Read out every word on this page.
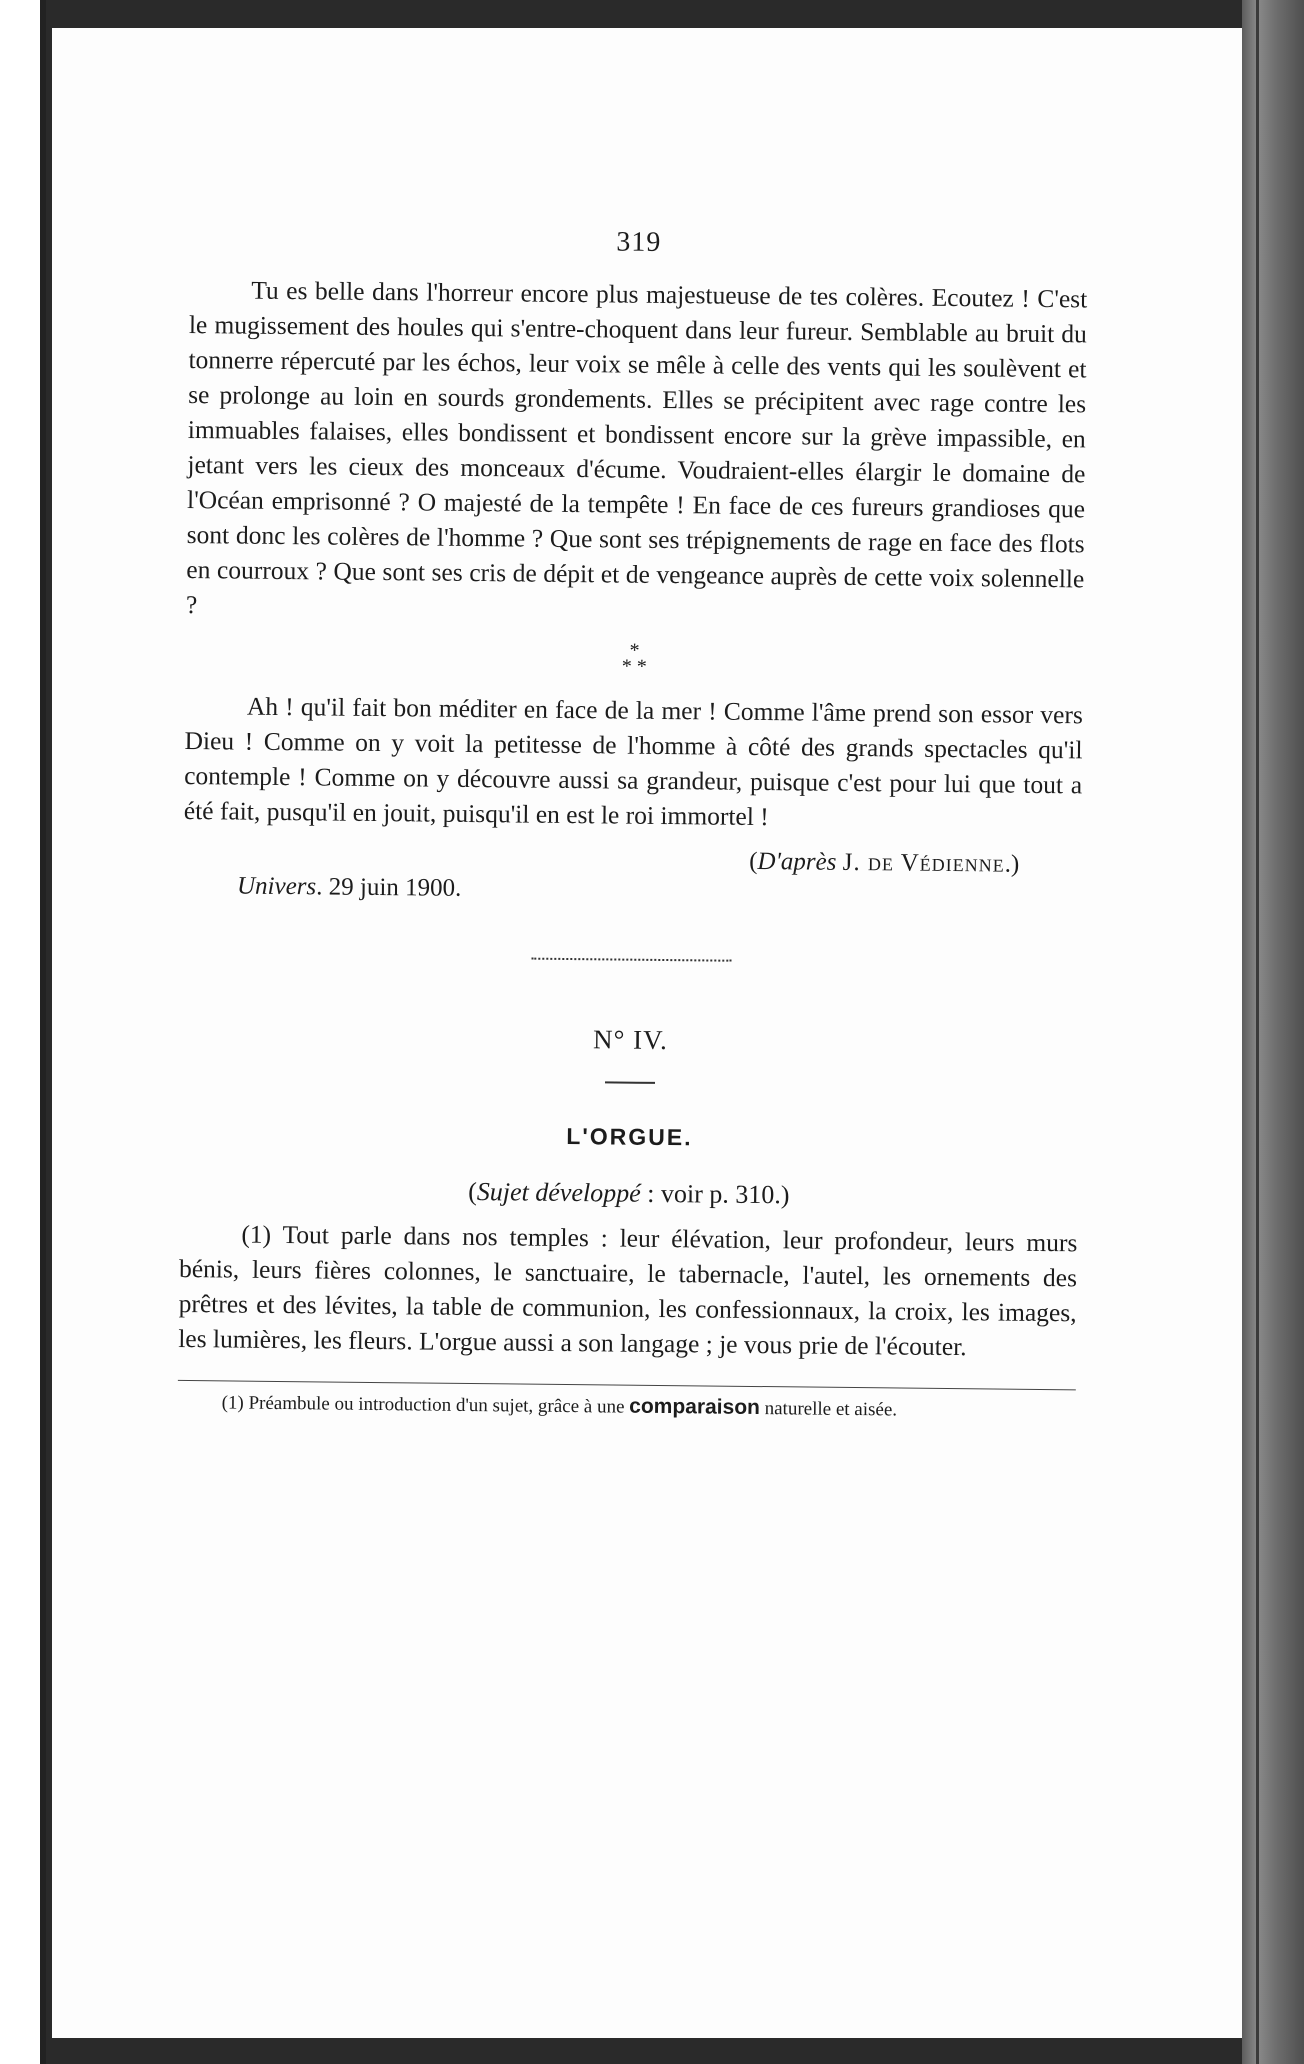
319

Tu es belle dans l'horreur encore plus majestueuse de tes colères. Ecoutez ! C'est le mugissement des houles qui s'entre-choquent dans leur fureur. Semblable au bruit du tonnerre répercuté par les échos, leur voix se mêle à celle des vents qui les soulèvent et se prolonge au loin en sourds grondements. Elles se précipitent avec rage contre les immuables falaises, elles bondissent et bondissent encore sur la grève impassible, en jetant vers les cieux des monceaux d'écume. Voudraient-elles élargir le domaine de l'Océan emprisonné ? O majesté de la tempête ! En face de ces fureurs grandioses que sont donc les colères de l'homme ? Que sont ses trépignements de rage en face des flots en courroux ? Que sont ses cris de dépit et de vengeance auprès de cette voix solennelle ?

*
* *

Ah ! qu'il fait bon méditer en face de la mer ! Comme l'âme prend son essor vers Dieu ! Comme on y voit la petitesse de l'homme à côté des grands spectacles qu'il contemple ! Comme on y découvre aussi sa grandeur, puisque c'est pour lui que tout a été fait, pusqu'il en jouit, puisqu'il en est le roi immortel !

(D'après J. de Védienne.)
Univers. 29 juin 1900.
N° IV.
L'ORGUE.
(Sujet développé : voir p. 310.)

(1) Tout parle dans nos temples : leur élévation, leur profondeur, leurs murs bénis, leurs fières colonnes, le sanctuaire, le tabernacle, l'autel, les ornements des prêtres et des lévites, la table de communion, les confessionnaux, la croix, les images, les lumières, les fleurs. L'orgue aussi a son langage ; je vous prie de l'écouter.

(1) Préambule ou introduction d'un sujet, grâce à une comparaison naturelle et aisée.
